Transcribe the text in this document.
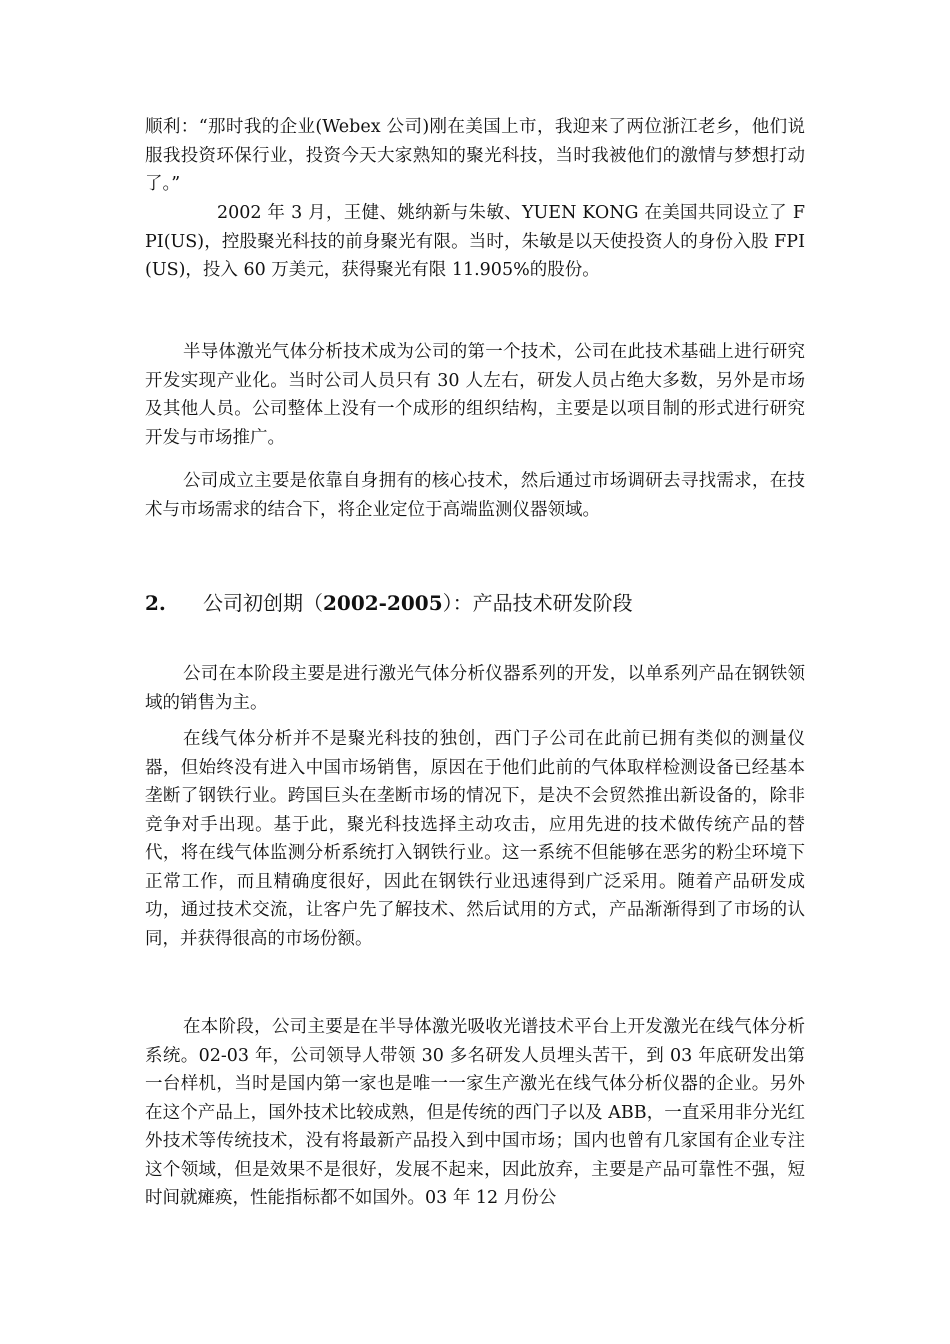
顺利：“那时我的企业(Webex 公司)刚在美国上市，我迎来了两位浙江老乡，他们说服我投资环保行业，投资今天大家熟知的聚光科技，当时我被他们的激情与梦想打动了。”

2002 年 3 月，王健、姚纳新与朱敏、YUEN KONG 在美国共同设立了 FPI(US)，控股聚光科技的前身聚光有限。当时，朱敏是以天使投资人的身份入股 FPI(US)，投入 60 万美元，获得聚光有限 11.905%的股份。

半导体激光气体分析技术成为公司的第一个技术，公司在此技术基础上进行研究开发实现产业化。当时公司人员只有 30 人左右，研发人员占绝大多数，另外是市场及其他人员。公司整体上没有一个成形的组织结构，主要是以项目制的形式进行研究开发与市场推广。

公司成立主要是依靠自身拥有的核心技术，然后通过市场调研去寻找需求，在技术与市场需求的结合下，将企业定位于高端监测仪器领域。

2. 公司初创期（2002-2005）：产品技术研发阶段

公司在本阶段主要是进行激光气体分析仪器系列的开发，以单系列产品在钢铁领域的销售为主。

在线气体分析并不是聚光科技的独创，西门子公司在此前已拥有类似的测量仪器，但始终没有进入中国市场销售，原因在于他们此前的气体取样检测设备已经基本垄断了钢铁行业。跨国巨头在垄断市场的情况下，是决不会贸然推出新设备的，除非竞争对手出现。基于此，聚光科技选择主动攻击，应用先进的技术做传统产品的替代，将在线气体监测分析系统打入钢铁行业。这一系统不但能够在恶劣的粉尘环境下正常工作，而且精确度很好，因此在钢铁行业迅速得到广泛采用。随着产品研发成功，通过技术交流，让客户先了解技术、然后试用的方式，产品渐渐得到了市场的认同，并获得很高的市场份额。

在本阶段，公司主要是在半导体激光吸收光谱技术平台上开发激光在线气体分析系统。02-03 年，公司领导人带领 30 多名研发人员埋头苦干，到 03 年底研发出第一台样机，当时是国内第一家也是唯一一家生产激光在线气体分析仪器的企业。另外在这个产品上，国外技术比较成熟，但是传统的西门子以及 ABB，一直采用非分光红外技术等传统技术，没有将最新产品投入到中国市场；国内也曾有几家国有企业专注这个领域，但是效果不是很好，发展不起来，因此放弃，主要是产品可靠性不强，短时间就瘫痪，性能指标都不如国外。03 年 12 月份公
